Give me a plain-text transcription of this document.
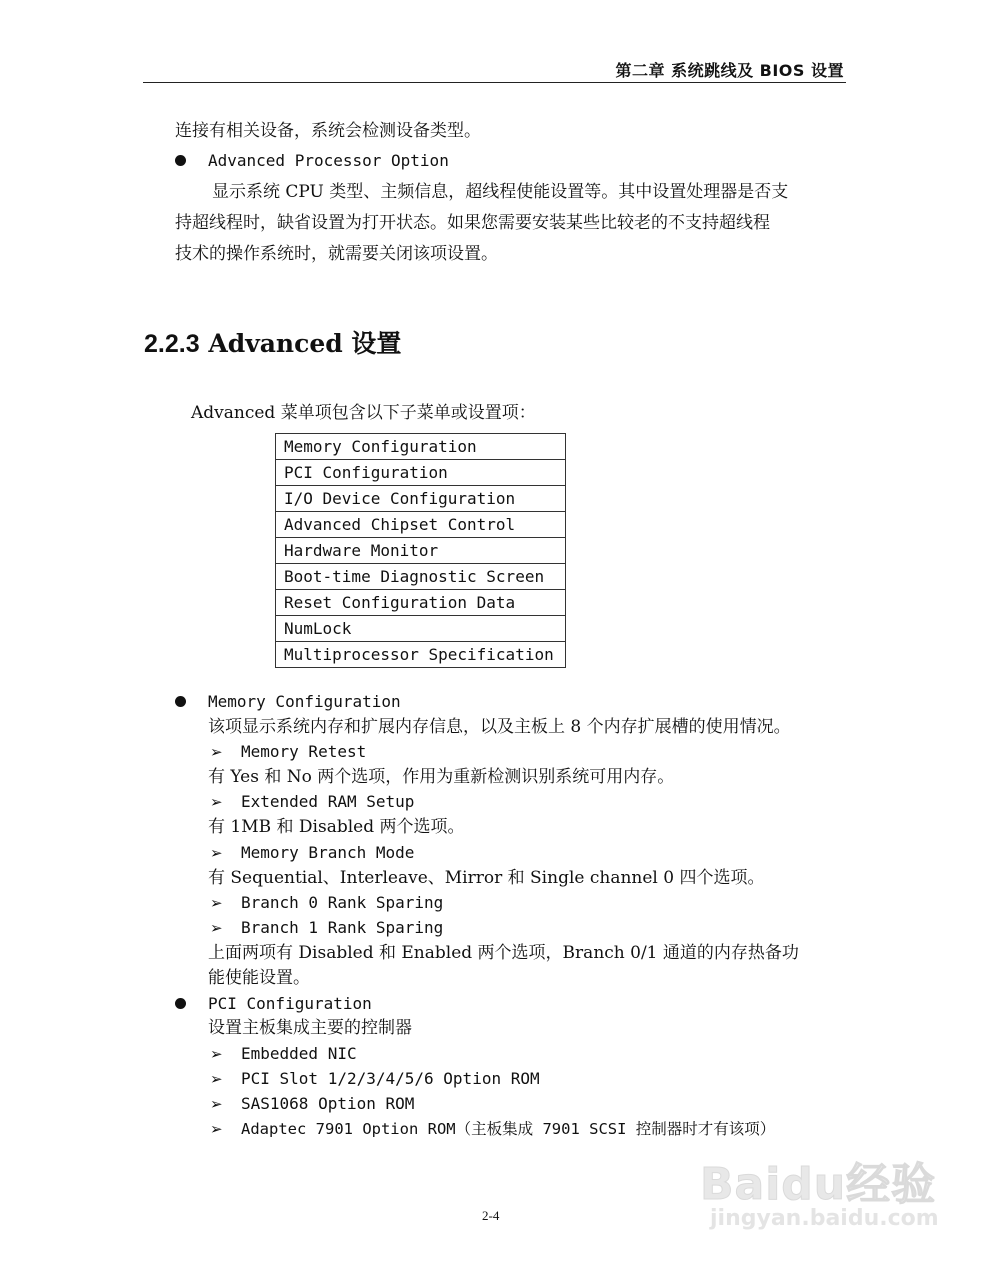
第二章 系统跳线及 BIOS 设置
连接有相关设备，系统会检测设备类型。
Advanced Processor Option
显示系统 CPU 类型、主频信息，超线程使能设置等。其中设置处理器是否支
持超线程时，缺省设置为打开状态。如果您需要安装某些比较老的不支持超线程
技术的操作系统时，就需要关闭该项设置。
2.2.3 Advanced 设置
Advanced 菜单项包含以下子菜单或设置项：
Memory Configuration
PCI Configuration
I/O Device Configuration
Advanced Chipset Control
Hardware Monitor
Boot-time Diagnostic Screen
Reset Configuration Data
NumLock
Multiprocessor Specification
Memory Configuration
该项显示系统内存和扩展内存信息，以及主板上 8 个内存扩展槽的使用情况。
➢ Memory Retest
有 Yes 和 No 两个选项，作用为重新检测识别系统可用内存。
➢ Extended RAM Setup
有 1MB 和 Disabled 两个选项。
➢ Memory Branch Mode
有 Sequential、Interleave、Mirror 和 Single channel 0 四个选项。
➢ Branch 0 Rank Sparing
➢ Branch 1 Rank Sparing
上面两项有 Disabled 和 Enabled 两个选项，Branch 0/1 通道的内存热备功
能使能设置。
PCI Configuration
设置主板集成主要的控制器
➢ Embedded NIC
➢ PCI Slot 1/2/3/4/5/6 Option ROM
➢ SAS1068 Option ROM
➢ Adaptec 7901 Option ROM（主板集成 7901 SCSI 控制器时才有该项）
2-4
Baidu经验
jingyan.baidu.com
